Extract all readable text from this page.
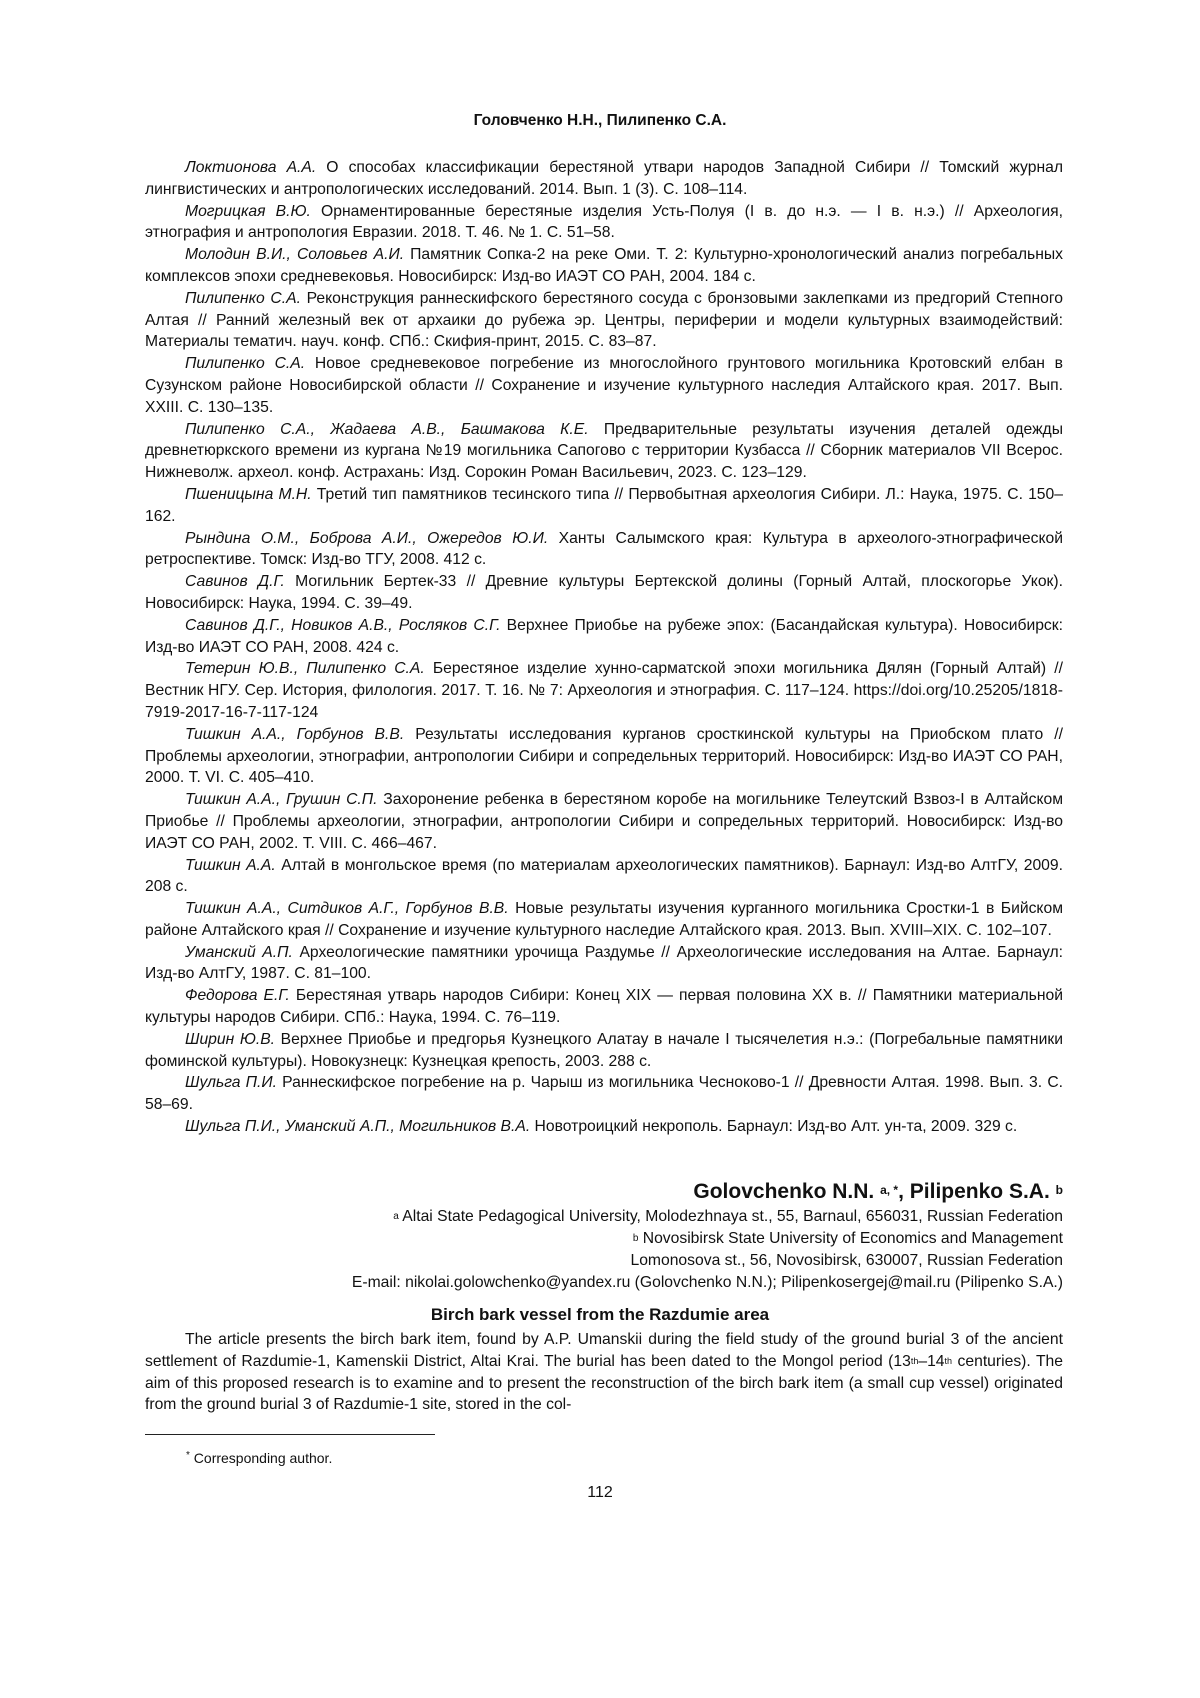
Головченко Н.Н., Пилипенко С.А.

Локтионова А.А. О способах классификации берестяной утвари народов Западной Сибири // Томский журнал лингвистических и антропологических исследований. 2014. Вып. 1 (3). С. 108–114.

Могрицкая В.Ю. Орнаментированные берестяные изделия Усть-Полуя (I в. до н.э. — I в. н.э.) // Археология, этнография и антропология Евразии. 2018. Т. 46. № 1. С. 51–58.

Молодин В.И., Соловьев А.И. Памятник Сопка-2 на реке Оми. Т. 2: Культурно-хронологический анализ погребальных комплексов эпохи средневековья. Новосибирск: Изд-во ИАЭТ СО РАН, 2004. 184 с.

Пилипенко С.А. Реконструкция раннескифского берестяного сосуда с бронзовыми заклепками из предгорий Степного Алтая // Ранний железный век от архаики до рубежа эр. Центры, периферии и модели культурных взаимодействий: Материалы тематич. науч. конф. СПб.: Скифия-принт, 2015. С. 83–87.

Пилипенко С.А. Новое средневековое погребение из многослойного грунтового могильника Кротовский елбан в Сузунском районе Новосибирской области // Сохранение и изучение культурного наследия Алтайского края. 2017. Вып. XXIII. С. 130–135.

Пилипенко С.А., Жадаева А.В., Башмакова К.Е. Предварительные результаты изучения деталей одежды древнетюркского времени из кургана №19 могильника Сапогово с территории Кузбасса // Сборник материалов VII Всерос. Нижневолж. археол. конф. Астрахань: Изд. Сорокин Роман Васильевич, 2023. С. 123–129.

Пшеницына М.Н. Третий тип памятников тесинского типа // Первобытная археология Сибири. Л.: Наука, 1975. С. 150–162.

Рындина О.М., Боброва А.И., Ожередов Ю.И. Ханты Салымского края: Культура в археолого-этнографической ретроспективе. Томск: Изд-во ТГУ, 2008. 412 с.

Савинов Д.Г. Могильник Бертек-33 // Древние культуры Бертекской долины (Горный Алтай, плоскогорье Укок). Новосибирск: Наука, 1994. С. 39–49.

Савинов Д.Г., Новиков А.В., Росляков С.Г. Верхнее Приобье на рубеже эпох: (Басандайская культура). Новосибирск: Изд-во ИАЭТ СО РАН, 2008. 424 с.

Тетерин Ю.В., Пилипенко С.А. Берестяное изделие хунно-сарматской эпохи могильника Дялян (Горный Алтай) // Вестник НГУ. Сер. История, филология. 2017. Т. 16. № 7: Археология и этнография. С. 117–124. https://doi.org/10.25205/1818-7919-2017-16-7-117-124

Тишкин А.А., Горбунов В.В. Результаты исследования курганов сросткинской культуры на Приобском плато // Проблемы археологии, этнографии, антропологии Сибири и сопредельных территорий. Новосибирск: Изд-во ИАЭТ СО РАН, 2000. Т. VI. С. 405–410.

Тишкин А.А., Грушин С.П. Захоронение ребенка в берестяном коробе на могильнике Телеутский Взвоз-I в Алтайском Приобье // Проблемы археологии, этнографии, антропологии Сибири и сопредельных территорий. Новосибирск: Изд-во ИАЭТ СО РАН, 2002. Т. VIII. С. 466–467.

Тишкин А.А. Алтай в монгольское время (по материалам археологических памятников). Барнаул: Изд-во АлтГУ, 2009. 208 с.

Тишкин А.А., Ситдиков А.Г., Горбунов В.В. Новые результаты изучения курганного могильника Сростки-1 в Бийском районе Алтайского края // Сохранение и изучение культурного наследие Алтайского края. 2013. Вып. XVIII–XIX. С. 102–107.

Уманский А.П. Археологические памятники урочища Раздумье // Археологические исследования на Алтае. Барнаул: Изд-во АлтГУ, 1987. С. 81–100.

Федорова Е.Г. Берестяная утварь народов Сибири: Конец XIX — первая половина XX в. // Памятники материальной культуры народов Сибири. СПб.: Наука, 1994. С. 76–119.

Ширин Ю.В. Верхнее Приобье и предгорья Кузнецкого Алатау в начале I тысячелетия н.э.: (Погребальные памятники фоминской культуры). Новокузнецк: Кузнецкая крепость, 2003. 288 с.

Шульга П.И. Раннескифское погребение на р. Чарыш из могильника Чесноково-1 // Древности Алтая. 1998. Вып. 3. С. 58–69.

Шульга П.И., Уманский А.П., Могильников В.А. Новотроицкий некрополь. Барнаул: Изд-во Алт. ун-та, 2009. 329 с.

Golovchenko N.N. $^{a, *}$, Pilipenko S.A. $^b$
$^a$ Altai State Pedagogical University, Molodezhnaya st., 55, Barnaul, 656031, Russian Federation
$^b$ Novosibirsk State University of Economics and Management
Lomonosova st., 56, Novosibirsk, 630007, Russian Federation
E-mail: nikolai.golowchenko@yandex.ru (Golovchenko N.N.); Pilipenkosergej@mail.ru (Pilipenko S.A.)
Birch bark vessel from the Razdumie area

The article presents the birch bark item, found by A.P. Umanskii during the field study of the ground burial 3 of the ancient settlement of Razdumie-1, Kamenskii District, Altai Krai. The burial has been dated to the Mongol period (13th–14th centuries). The aim of this proposed research is to examine and to present the reconstruction of the birch bark item (a small cup vessel) originated from the ground burial 3 of Razdumie-1 site, stored in the col-

* Corresponding author.
112
